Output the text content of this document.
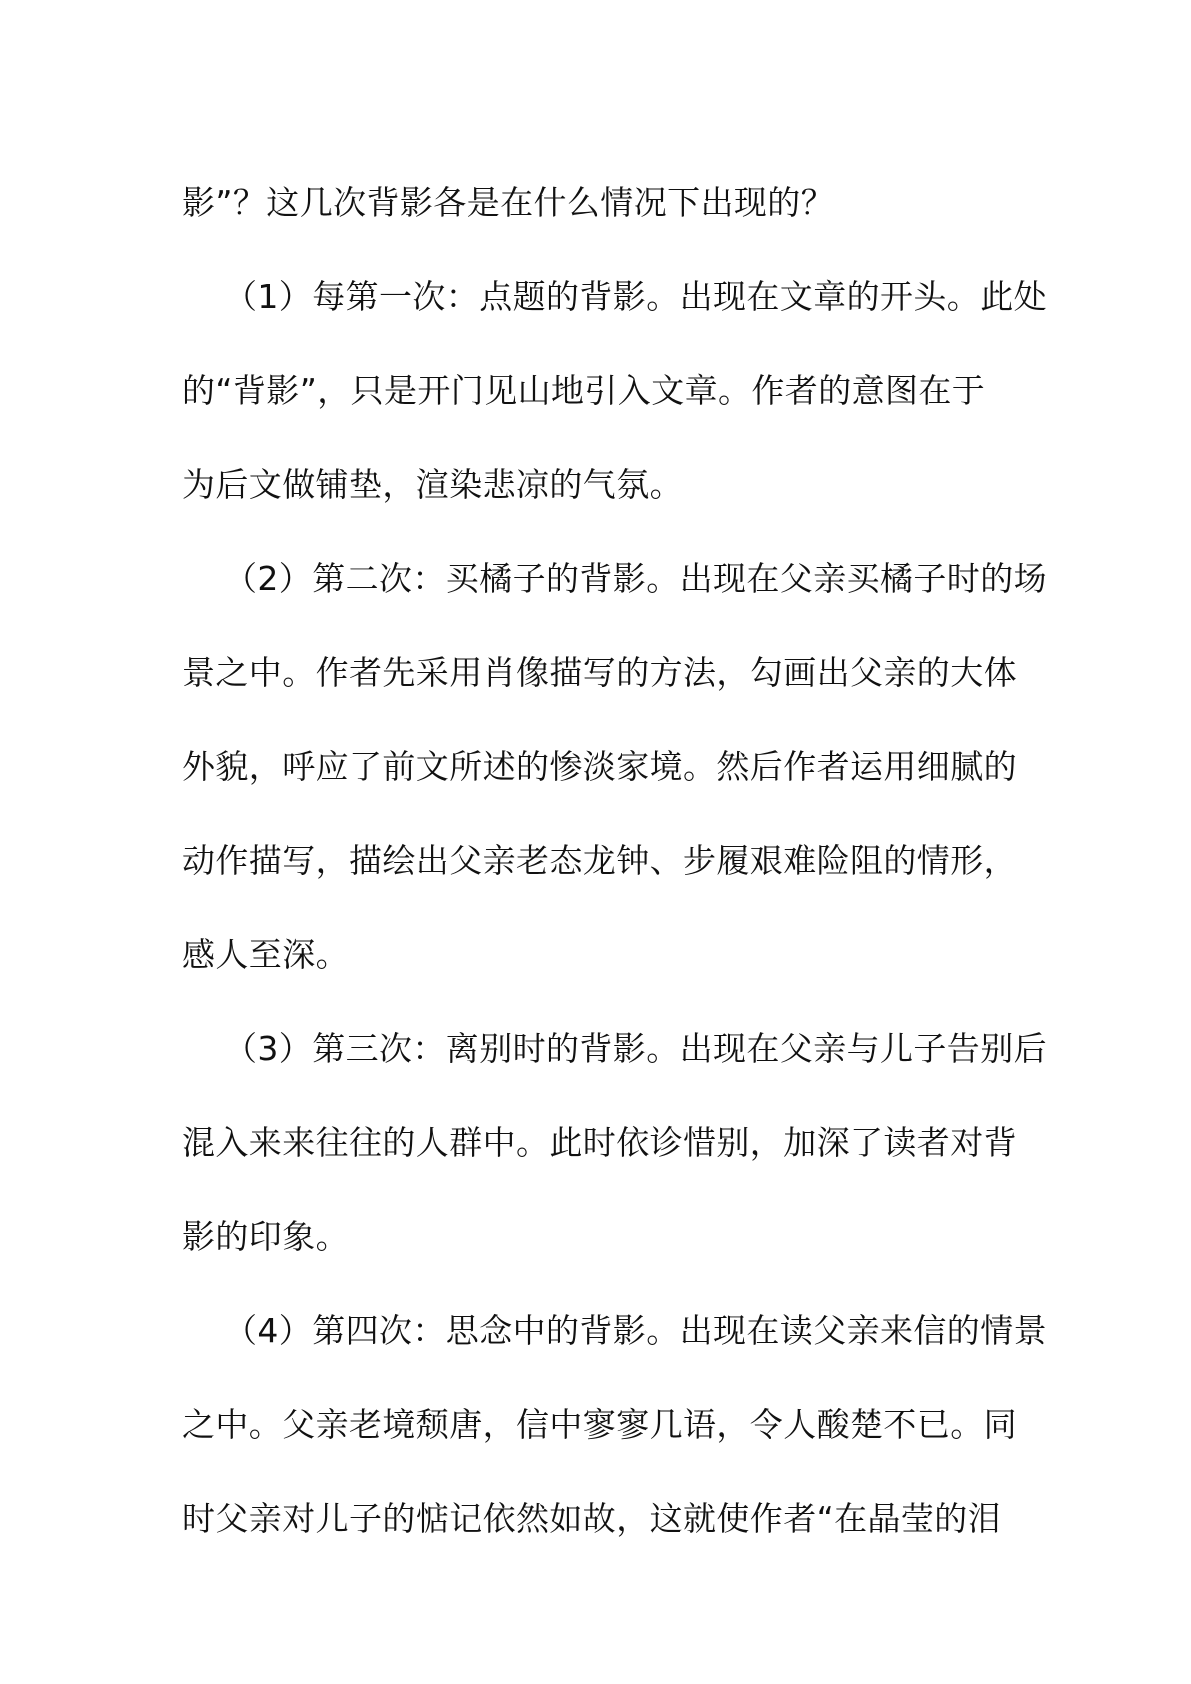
影”？这几次背影各是在什么情况下出现的？
（1）每第一次：点题的背影。出现在文章的开头。此处
的“背影”，只是开门见山地引入文章。作者的意图在于
为后文做铺垫，渲染悲凉的气氛。
（2）第二次：买橘子的背影。出现在父亲买橘子时的场
景之中。作者先采用肖像描写的方法，勾画出父亲的大体
外貌，呼应了前文所述的惨淡家境。然后作者运用细腻的
动作描写，描绘出父亲老态龙钟、步履艰难险阻的情形，
感人至深。
（3）第三次：离别时的背影。出现在父亲与儿子告别后
混入来来往往的人群中。此时依诊惜别，加深了读者对背
影的印象。
（4）第四次：思念中的背影。出现在读父亲来信的情景
之中。父亲老境颓唐，信中寥寥几语，令人酸楚不已。同
时父亲对儿子的惦记依然如故，这就使作者“在晶莹的泪
